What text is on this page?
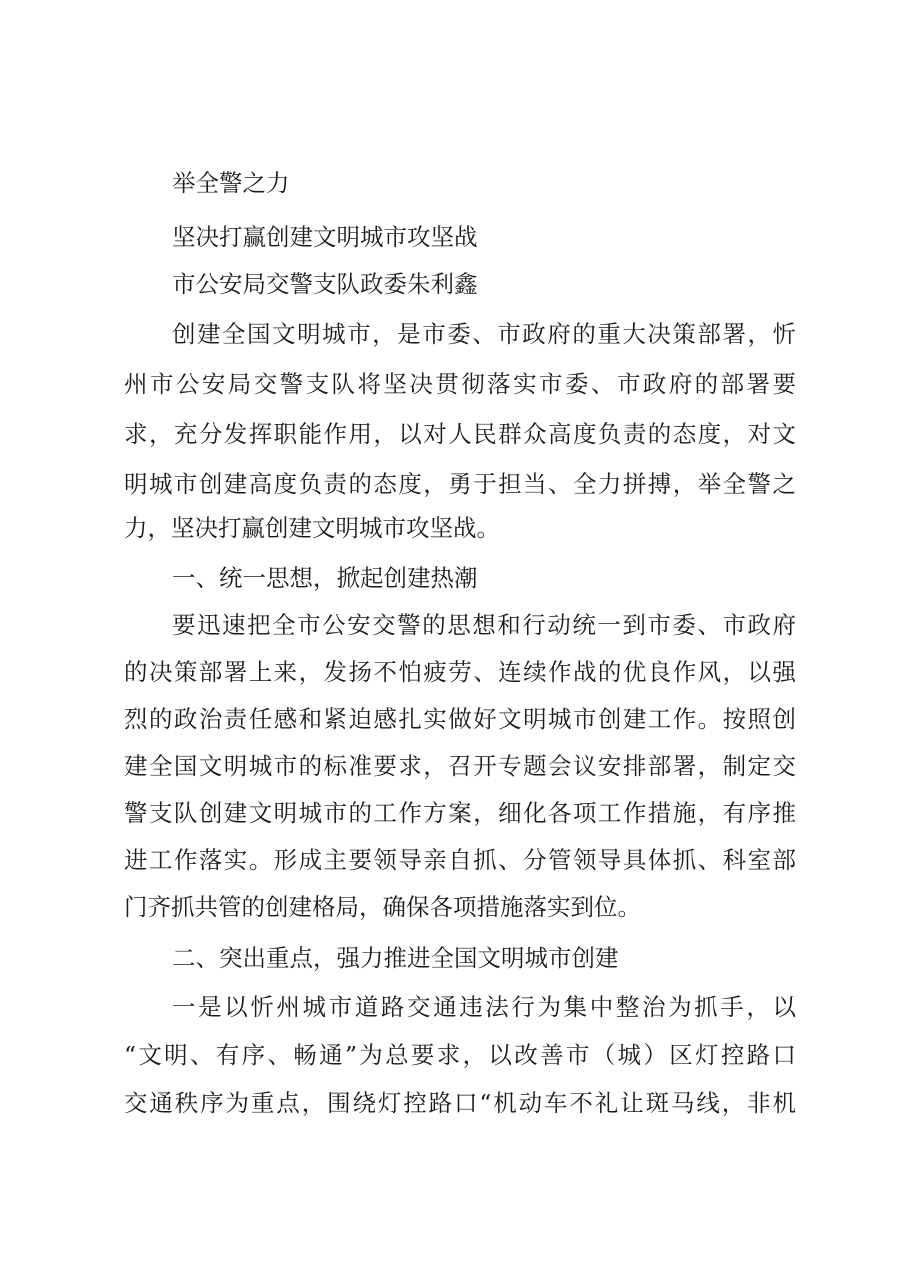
举全警之力
坚决打赢创建文明城市攻坚战
市公安局交警支队政委朱利鑫
创建全国文明城市，是市委、市政府的重大决策部署，忻
州市公安局交警支队将坚决贯彻落实市委、市政府的部署要
求，充分发挥职能作用，以对人民群众高度负责的态度，对文
明城市创建高度负责的态度，勇于担当、全力拼搏，举全警之
力，坚决打赢创建文明城市攻坚战。
一、统一思想，掀起创建热潮
要迅速把全市公安交警的思想和行动统一到市委、市政府
的决策部署上来，发扬不怕疲劳、连续作战的优良作风，以强
烈的政治责任感和紧迫感扎实做好文明城市创建工作。按照创
建全国文明城市的标准要求，召开专题会议安排部署，制定交
警支队创建文明城市的工作方案，细化各项工作措施，有序推
进工作落实。形成主要领导亲自抓、分管领导具体抓、科室部
门齐抓共管的创建格局，确保各项措施落实到位。
二、突出重点，强力推进全国文明城市创建
一是以忻州城市道路交通违法行为集中整治为抓手，以
“文明、有序、畅通”为总要求，以改善市（城）区灯控路口
交通秩序为重点，围绕灯控路口“机动车不礼让斑马线，非机
